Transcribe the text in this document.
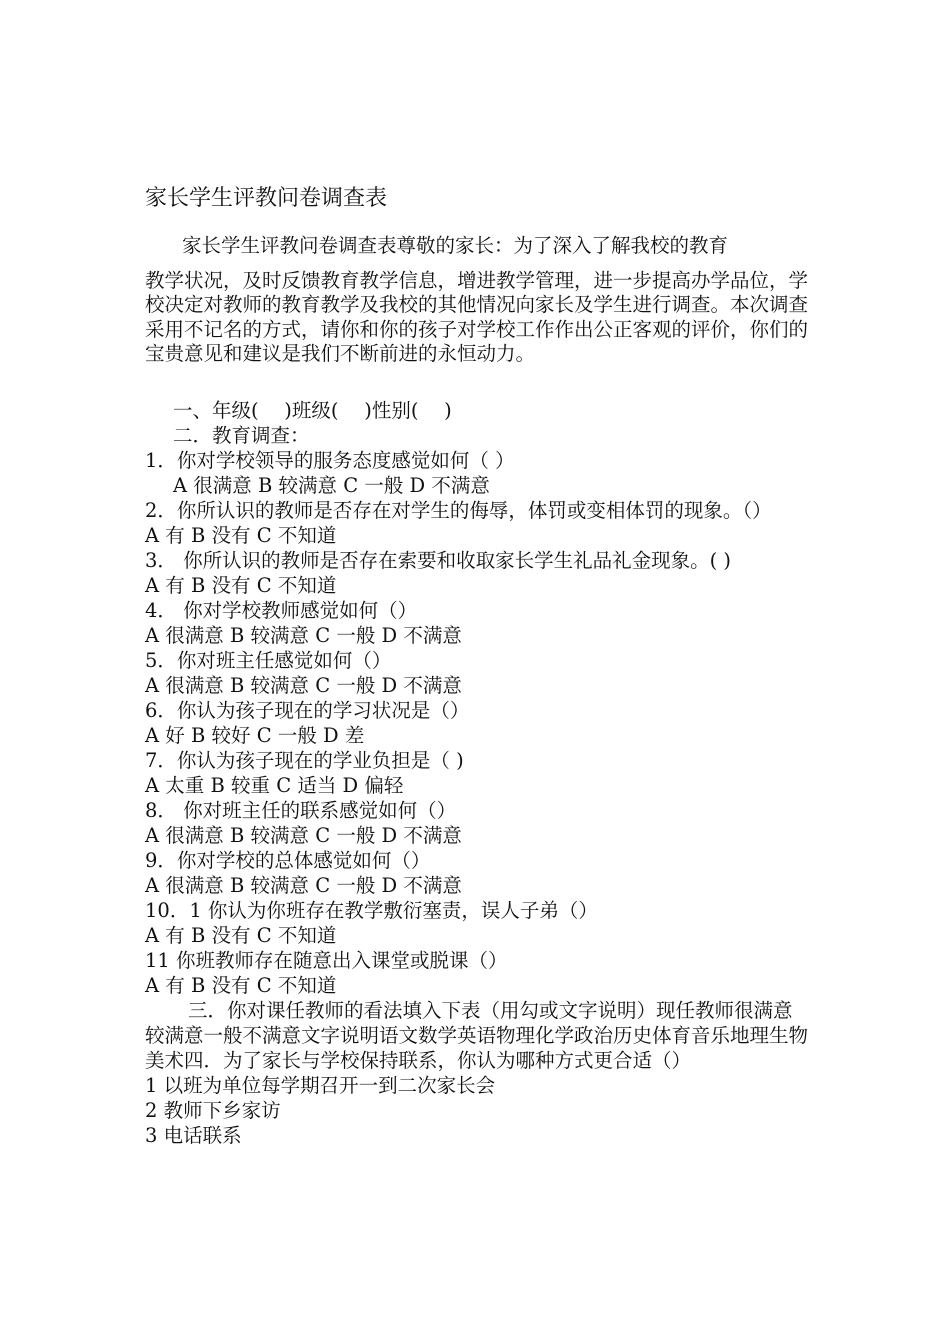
家长学生评教问卷调查表
家长学生评教问卷调查表尊敬的家长：为了深入了解我校的教育
教学状况，及时反馈教育教学信息，增进教学管理，进一步提高办学品位，学校决定对教师的教育教学及我校的其他情况向家长及学生进行调查。本次调查采用不记名的方式，请你和你的孩子对学校工作作出公正客观的评价，你们的宝贵意见和建议是我们不断前进的永恒动力。
一、年级(　 )班级(　 )性别(　 )
二．教育调查：
1．你对学校领导的服务态度感觉如何（ ）
A 很满意 B 较满意 C 一般 D 不满意
2．你所认识的教师是否存在对学生的侮辱，体罚或变相体罚的现象。（）
A 有 B 没有 C 不知道
3． 你所认识的教师是否存在索要和收取家长学生礼品礼金现象。( )
A 有 B 没有 C 不知道
4． 你对学校教师感觉如何（）
A 很满意 B 较满意 C 一般 D 不满意
5．你对班主任感觉如何（）
A 很满意 B 较满意 C 一般 D 不满意
6．你认为孩子现在的学习状况是（）
A 好 B 较好 C 一般 D 差
7．你认为孩子现在的学业负担是（ )
A 太重 B 较重 C 适当 D 偏轻
8． 你对班主任的联系感觉如何（）
A 很满意 B 较满意 C 一般 D 不满意
9．你对学校的总体感觉如何（）
A 很满意 B 较满意 C 一般 D 不满意
10．1 你认为你班存在教学敷衍塞责，误人子弟（）
A 有 B 没有 C 不知道
11 你班教师存在随意出入课堂或脱课（）
A 有 B 没有 C 不知道
三．你对课任教师的看法填入下表（用勾或文字说明）现任教师很满意较满意一般不满意文字说明语文数学英语物理化学政治历史体育音乐地理生物美术四．为了家长与学校保持联系，你认为哪种方式更合适（）
1 以班为单位每学期召开一到二次家长会
2 教师下乡家访
3 电话联系
